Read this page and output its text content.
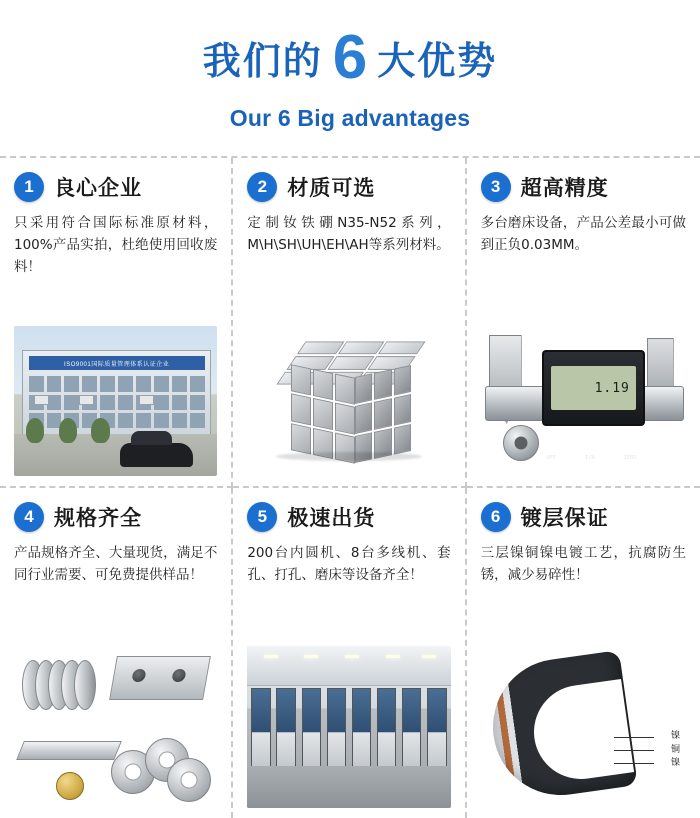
我们的 6 大优势
Our 6 Big advantages
1 良心企业
只采用符合国际标准原材料，100%产品实拍，杜绝使用回收废料！
ISO9001国际质量管理体系认证企业
2 材质可选
定制钕铁硼N35-N52系列，M\H\SH\UH\EH\AH等系列材料。
3 超高精度
多台磨床设备，产品公差最小可做到正负0.03MM。
1.19
OFF	I/N	ZERO
4 规格齐全
产品规格齐全、大量现货，满足不同行业需要、可免费提供样品！
5 极速出货
200台内圆机、8台多线机、套孔、打孔、磨床等设备齐全！
6 镀层保证
三层镍铜镍电镀工艺，抗腐防生锈，减少易碎性！
镍
铜
镍
